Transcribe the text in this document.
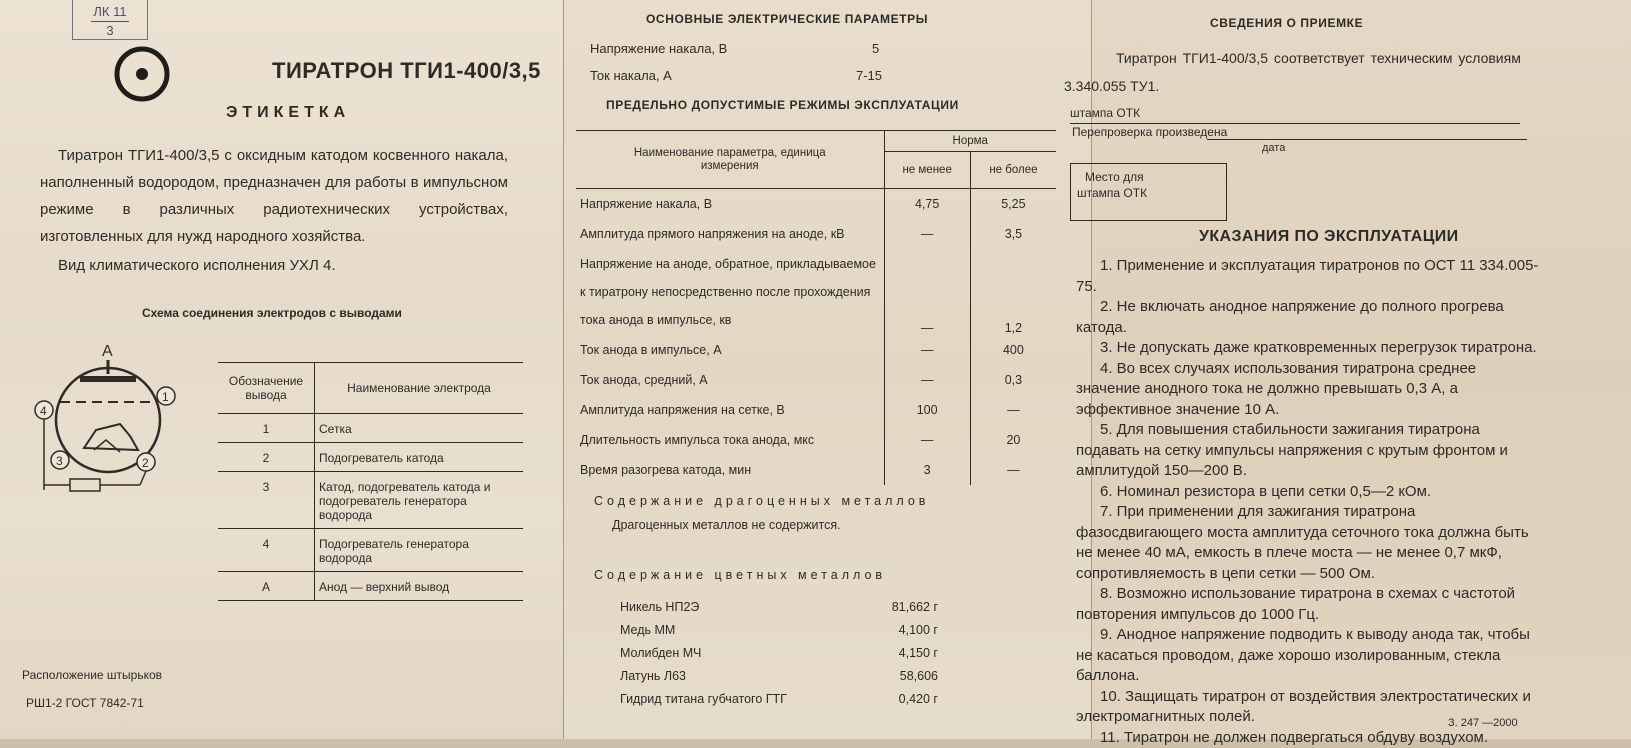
ЛК 11
3
ТИРАТРОН ТГИ1-400/3,5
ЭТИКЕТКА
Тиратрон ТГИ1-400/3,5 с оксидным катодом косвенного накала, наполненный водородом, предназначен для работы в импульсном режиме в различных радиотехнических устройствах, изготовленных для нужд народного хозяйства.
Вид климатического исполнения УХЛ 4.
Схема соединения электродов с выводами
А
1
2
3
4
Обозначение вывода	Наименование электрода
1	Сетка
2	Подогреватель катода
3	Катод, подогреватель катода и подогреватель генератора водорода
4	Подогреватель генератора водорода
А	Анод — верхний вывод
Расположение штырьков
РШ1-2 ГОСТ 7842-71
ОСНОВНЫЕ ЭЛЕКТРИЧЕСКИЕ ПАРАМЕТРЫ
Напряжение накала, В	5
Ток накала, А	7-15
ПРЕДЕЛЬНО ДОПУСТИМЫЕ РЕЖИМЫ ЭКСПЛУАТАЦИИ
Наименование параметра, единица измерения	Норма	
	не менее	не более
Напряжение накала, В	4,75	5,25
Амплитуда прямого напряжения на аноде, кВ	—	3,5
Напряжение на аноде, обратное, прикладываемое к тиратрону непосредственно после прохождения тока анода в импульсе, кв	—	1,2
Ток анода в импульсе, А	—	400
Ток анода, средний, А	—	0,3
Амплитуда напряжения на сетке, В	100	—
Длительность импульса тока анода, мкс	—	20
Время разогрева катода, мин	3	—
Содержание драгоценных металлов
Драгоценных металлов не содержится.
Содержание цветных металлов
Никель НП2Э	81,662 г
Медь ММ	4,100 г
Молибден МЧ	4,150 г
Латунь Л63	58,606
Гидрид титана губчатого ГТГ	0,420 г
СВЕДЕНИЯ О ПРИЕМКЕ
Тиратрон ТГИ1-400/3,5 соответствует техническим условиям
3.340.055 ТУ1.
штампа ОТК
Перепроверка произведена
дата
Место для
штампа ОТК
УКАЗАНИЯ ПО ЭКСПЛУАТАЦИИ
1. Применение и эксплуатация тиратронов по ОСТ 11 334.005-75.
2. Не включать анодное напряжение до полного прогрева катода.
3. Не допускать даже кратковременных перегрузок тиратрона.
4. Во всех случаях использования тиратрона среднее значение анодного тока не должно превышать 0,3 А, а эффективное значение 10 А.
5. Для повышения стабильности зажигания тиратрона подавать на сетку импульсы напряжения с крутым фронтом и амплитудой 150—200 В.
6. Номинал резистора в цепи сетки 0,5—2 кОм.
7. При применении для зажигания тиратрона фазосдвигающего моста амплитуда сеточного тока должна быть не менее 40 мА, емкость в плече моста — не менее 0,7 мкФ, сопротивляемость в цепи сетки — 500 Ом.
8. Возможно использование тиратрона в схемах с частотой повторения импульсов до 1000 Гц.
9. Анодное напряжение подводить к выводу анода так, чтобы не касаться проводом, даже хорошо изолированным, стекла баллона.
10. Защищать тиратрон от воздействия электростатических и электромагнитных полей.
11. Тиратрон не должен подвергаться обдуву воздухом.
З. 247 —2000
